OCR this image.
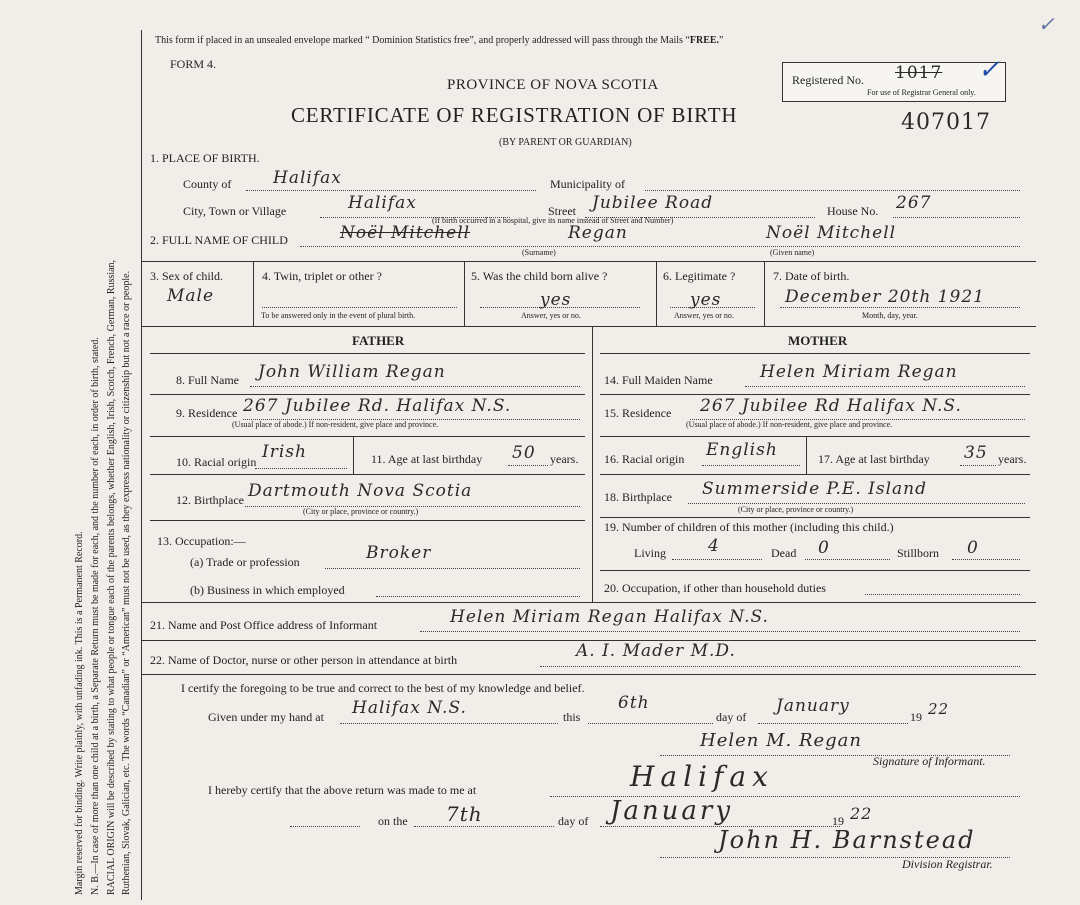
Margin reserved for binding. Write plainly, with unfading ink. This is a Permanent Record. N. B.—In case of more than one child at a birth, a Separate Return must be made for each, and the number of each, in order of birth, stated. RACIAL ORIGIN will be described by stating to what people or tongue each of the parents belongs, whether English, Irish, Scotch, French, German, Russian, Ruthenian, Slovak, Galician, etc. The words “Canadian” or “American” must not be used, as they express nationality or citizenship but not a race or people.
This form if placed in an unsealed envelope marked “ Dominion Statistics free”, and properly addressed will pass through the Mails “FREE.”
FORM 4.
PROVINCE OF NOVA SCOTIA
CERTIFICATE OF REGISTRATION OF BIRTH
(BY PARENT OR GUARDIAN)
407017
✓
Registered No. 1017
For use of Registrar General only.
✓
1. PLACE OF BIRTH.
County of Halifax	Municipality of
City, Town or Village	Halifax	Street Jubilee Road	House No. 267
(If birth occurred in a hospital, give its name instead of Street and Number)
2. FULL NAME OF CHILD	Noël Mitchell	Regan	Noël Mitchell
(Surname)	(Given name)
3. Sex of child.
Male
4. Twin, triplet or other ?
To be answered only in the event of plural birth.
5. Was the child born alive ?
yes
Answer, yes or no.
6. Legitimate ?
yes
Answer, yes or no.
7. Date of birth.
December 20th 1921
Month, day, year.
FATHER	MOTHER
8. Full Name John William Regan
9. Residence 267 Jubilee Rd. Halifax N.S.
(Usual place of abode.) If non-resident, give place and province.
10. Racial origin Irish	11. Age at last birthday 50 years.
12. Birthplace Dartmouth Nova Scotia
(City or place, province or country.)
13. Occupation:—
(a) Trade or profession	Broker
(b) Business in which employed
14. Full Maiden Name	Helen Miriam Regan
15. Residence 267 Jubilee Rd Halifax N.S.
(Usual place of abode.) If non-resident, give place and province.
16. Racial origin English	17. Age at last birthday 35 years.
18. Birthplace Summerside P.E. Island
(City or place, province or country.)
19. Number of children of this mother (including this child.)
Living 4	Dead 0	Stillborn 0
20. Occupation, if other than household duties
21. Name and Post Office address of Informant	Helen Miriam Regan Halifax N.S.
22. Name of Doctor, nurse or other person in attendance at birth	A. I. Mader M.D.
I certify the foregoing to be true and correct to the best of my knowledge and belief.
Given under my hand at Halifax N.S.	this
6th
day of
January
19 22
Helen M. Regan
Signature of Informant.
I hereby certify that the above return was made to me at	Halifax
on the 7th	day of January	19 22
John H. Barnstead
Division Registrar.
